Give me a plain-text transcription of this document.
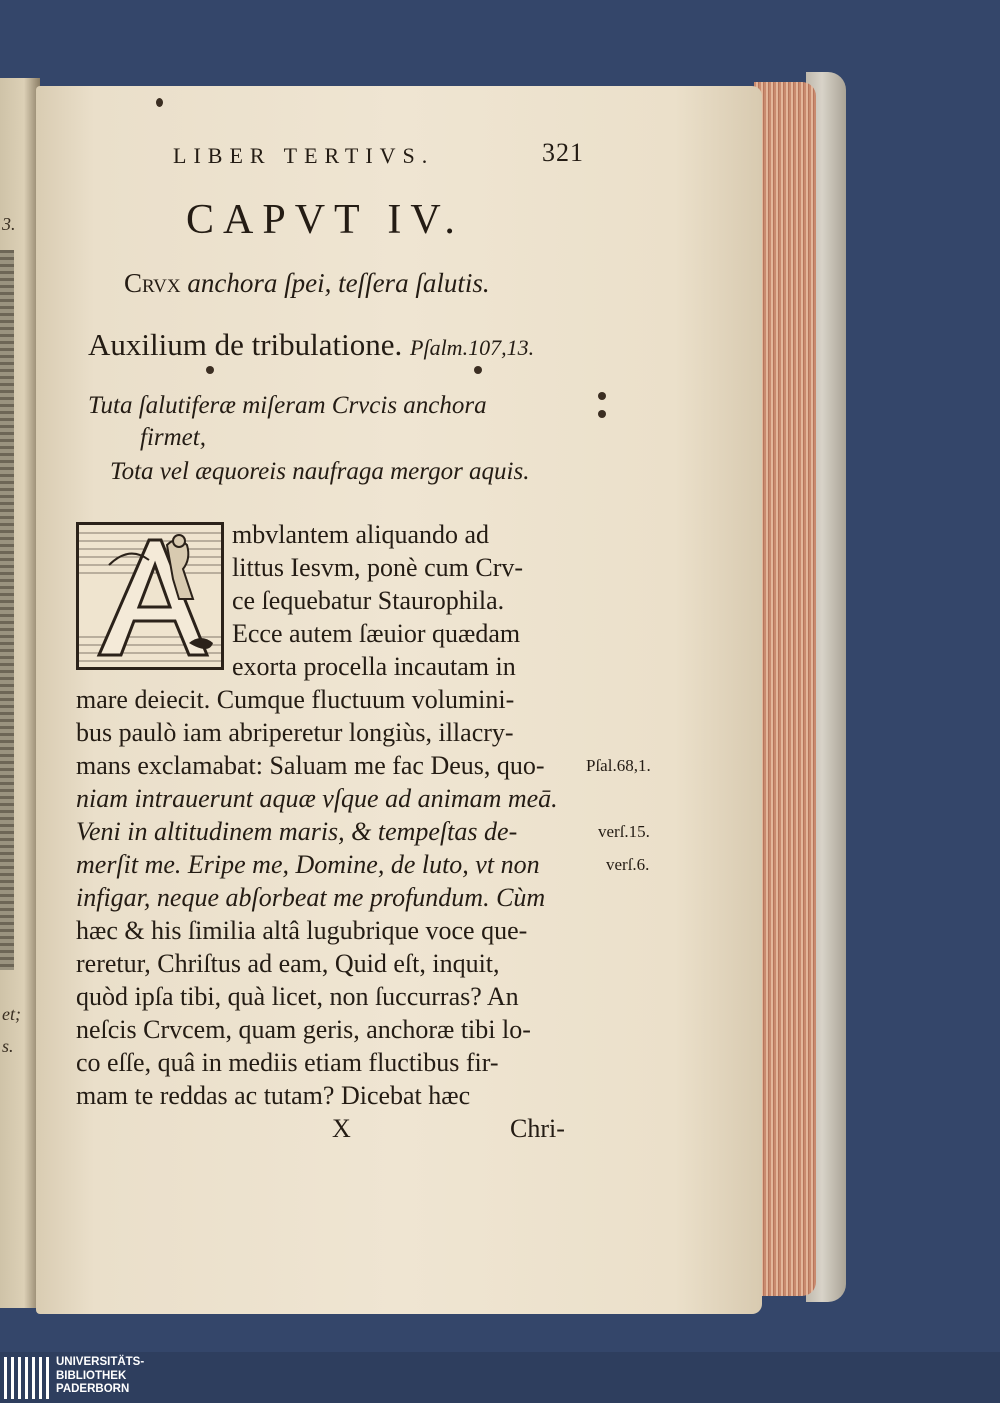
3.
et;
s.
LIBER TERTIVS.	321
CAPVT IV.
Crvx anchora ſpei, teſſera ſalutis.
Auxilium de tribulatione. Pſalm.107,13.
Tuta ſalutiferæ miſeram Crvcis anchora
firmet,
Tota vel æquoreis naufraga mergor aquis.
mbvlantem aliquando ad
littus Iesvm, ponè cum Crv-
ce ſequebatur Staurophila.
Ecce autem ſæuior quædam
exorta procella incautam in
mare deiecit. Cumque fluctuum volumini-
bus paulò iam abriperetur longiùs, illacry-
mans exclamabat: Saluam me fac Deus, quo-
niam intrauerunt aquæ vſque ad animam meā.
Veni in altitudinem maris, & tempeſtas de-
merſit me. Eripe me, Domine, de luto, vt non
infigar, neque abſorbeat me profundum. Cùm
hæc & his ſimilia altâ lugubrique voce que-
reretur, Chriſtus ad eam, Quid eſt, inquit,
quòd ipſa tibi, quà licet, non ſuccurras? An
neſcis Crvcem, quam geris, anchoræ tibi lo-
co eſſe, quâ in mediis etiam fluctibus fir-
mam te reddas ac tutam? Dicebat hæc
Pſal.68,1.
verſ.15.
verſ.6.
X	Chri-
UNIVERSITÄTS-
BIBLIOTHEK
PADERBORN
